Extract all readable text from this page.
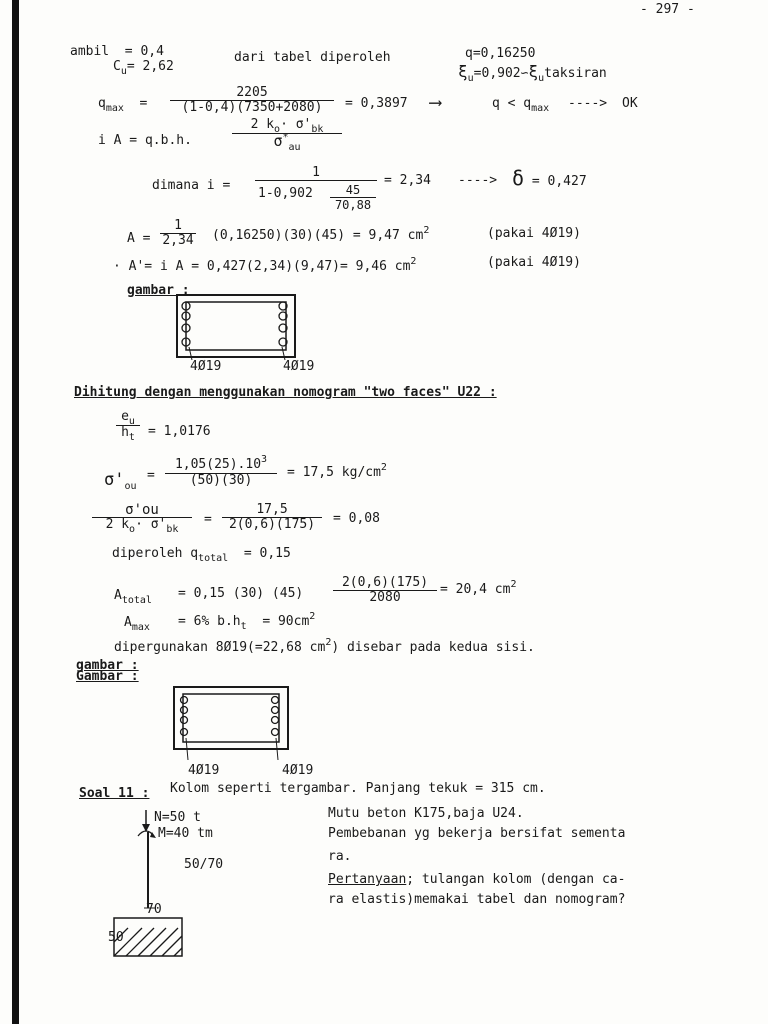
- 297 -
ambil = 0,4
$C_u= 2,62$
dari tabel diperoleh	q=0,16250
$\xi_u=0,902∽\xi_utaksiran$
$q_{max} = \frac{2205}{(1-0,4)(7350+2080)} = 0,3897$ ⟶	$q < q_{max}$ ----> OK
i A = q.b.h.	$\frac{2 k_o\cdot \sigma'_{bk}}{\sigma^*_{au}}$
dimana i =
1
$1-0,902 \frac{45}{70,88}$
= 2,34 ----> δ = 0,427
$A = \frac{1}{2,34} (0,16250)(30)(45) = 9,47$ $cm^2$	(pakai 4Ø19)
· A'= i A = 0,427(2,34)(9,47)= 9,46 $cm^2$	(pakai 4Ø19)
gambar :
4Ø19	4Ø19
Dihitung dengan menggunakan nomogram "two faces" U22 :
$\frac{e_u}{h_t} = 1,0176$
$\sigma'_{ou}$
= $\frac{1,05(25).10^3}{(50)(30)} = 17,5$ $kg/cm^2$
$\frac{\sigma'ou}{2 k_o\cdot \sigma'_{bk}} = \frac{17,5}{2(0,6)(175)} = 0,08$
diperoleh $q_{total} = 0,15$
$A_{total} = 0,15$ (30) $(45) \frac{2(0,6)(175)}{2080} = 20,4$ $cm^2$
$A_{max} = 6\%$ $b.h_t = 90cm^2$
dipergunakan 8Ø19(=22,68 $cm^2$) disebar pada kedua sisi.
gambar :
Gambar :
4Ø19	4Ø19
Soal 11 : Kolom seperti tergambar. Panjang tekuk = 315 cm.
Mutu beton K175,baja U24.
Pembebanan yg bekerja bersifat sementa
ra.
Pertanyaan; tulangan kolom (dengan ca-
ra elastis)memakai tabel dan nomogram?
N=50 t
M=40 tm
50/70
70
50
